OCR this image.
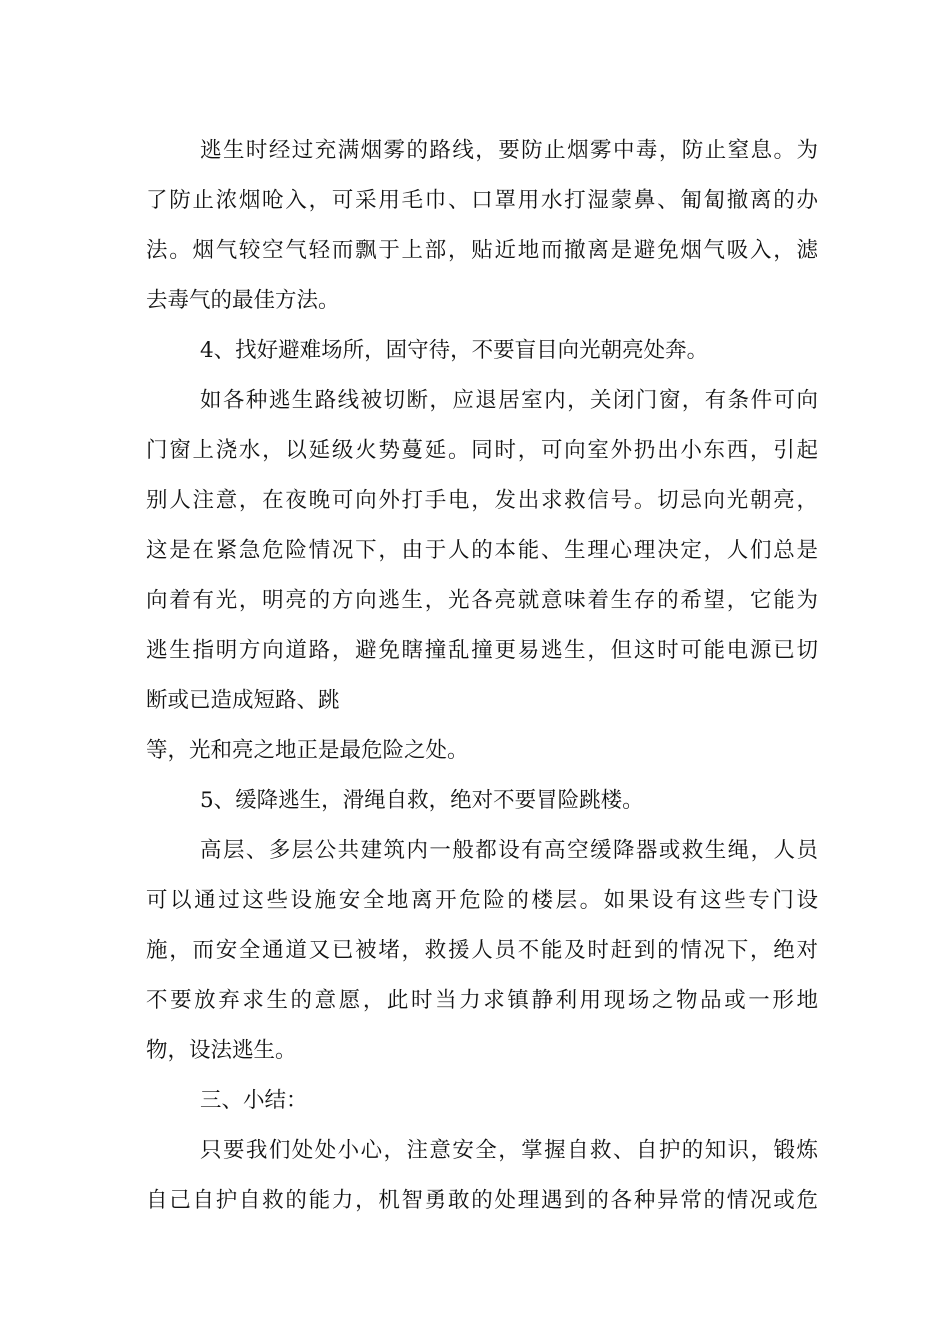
逃生时经过充满烟雾的路线，要防止烟雾中毒，防止窒息。为
了防止浓烟呛入，可采用毛巾、口罩用水打湿蒙鼻、匍匐撤离的办
法。烟气较空气轻而飘于上部，贴近地而撤离是避免烟气吸入，滤
去毒气的最佳方法。
4、找好避难场所，固守待，不要盲目向光朝亮处奔。
如各种逃生路线被切断，应退居室内，关闭门窗，有条件可向
门窗上浇水，以延级火势蔓延。同时，可向室外扔出小东西，引起
别人注意，在夜晚可向外打手电，发出求救信号。切忌向光朝亮，
这是在紧急危险情况下，由于人的本能、生理心理决定，人们总是
向着有光，明亮的方向逃生，光各亮就意味着生存的希望，它能为
逃生指明方向道路，避免瞎撞乱撞更易逃生，但这时可能电源已切
断或已造成短路、跳
等，光和亮之地正是最危险之处。
5、缓降逃生，滑绳自救，绝对不要冒险跳楼。
高层、多层公共建筑内一般都设有高空缓降器或救生绳，人员
可以通过这些设施安全地离开危险的楼层。如果设有这些专门设
施，而安全通道又已被堵，救援人员不能及时赶到的情况下，绝对
不要放弃求生的意愿，此时当力求镇静利用现场之物品或一形地
物，设法逃生。
三、小结：
只要我们处处小心，注意安全，掌握自救、自护的知识，锻炼
自己自护自救的能力，机智勇敢的处理遇到的各种异常的情况或危
